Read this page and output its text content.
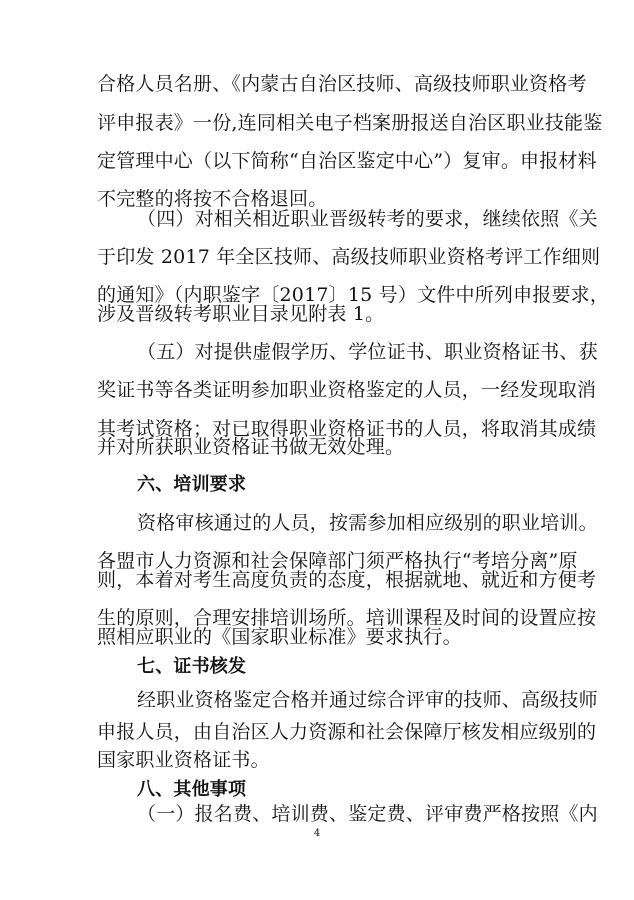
合格人员名册、《内蒙古自治区技师、高级技师职业资格考
评申报表》一份,连同相关电子档案册报送自治区职业技能鉴
定管理中心（以下简称“自治区鉴定中心”）复审。申报材料
不完整的将按不合格退回。
（四）对相关相近职业晋级转考的要求，继续依照《关
于印发 2017 年全区技师、高级技师职业资格考评工作细则
的通知》（内职鉴字〔2017〕15 号）文件中所列申报要求，
涉及晋级转考职业目录见附表 1。
（五）对提供虚假学历、学位证书、职业资格证书、获
奖证书等各类证明参加职业资格鉴定的人员，一经发现取消
其考试资格；对已取得职业资格证书的人员，将取消其成绩
并对所获职业资格证书做无效处理。
六、培训要求
资格审核通过的人员，按需参加相应级别的职业培训。
各盟市人力资源和社会保障部门须严格执行“考培分离”原
则，本着对考生高度负责的态度，根据就地、就近和方便考
生的原则，合理安排培训场所。培训课程及时间的设置应按
照相应职业的《国家职业标准》要求执行。
七、证书核发
经职业资格鉴定合格并通过综合评审的技师、高级技师
申报人员，由自治区人力资源和社会保障厅核发相应级别的
国家职业资格证书。
八、其他事项
（一）报名费、培训费、鉴定费、评审费严格按照《内
4
